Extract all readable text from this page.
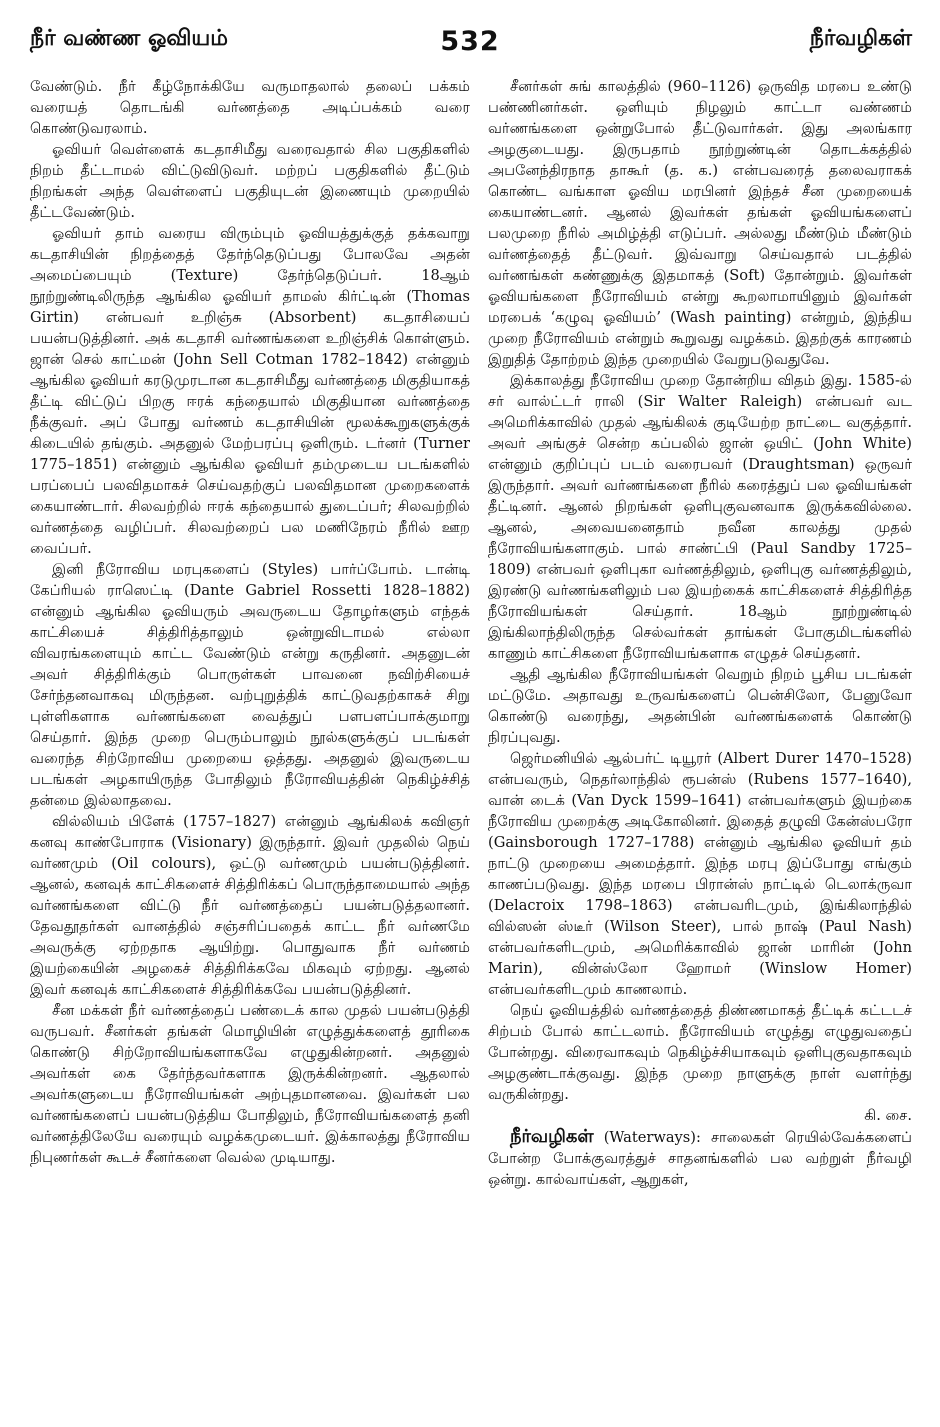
நீர் வண்ண ஓவியம்	532	நீர்வழிகள்

வேண்டும். நீர் கீழ்நோக்கியே வருமாதலால் தலைப் பக்கம் வரையத் தொடங்கி வர்ணத்தை அடிப்பக்கம் வரை கொண்டுவரலாம்.

ஓவியர் வெள்ளைக் கடதாசிமீது வரைவதால் சில பகுதிகளில் நிறம் தீட்டாமல் விட்டுவிடுவர். மற்றப் பகுதிகளில் தீட்டும் நிறங்கள் அந்த வெள்ளைப் பகுதியுடன் இணையும் முறையில் தீட்டவேண்டும்.

ஓவியர் தாம் வரைய விரும்பும் ஓவியத்துக்குத் தக்கவாறு கடதாசியின் நிறத்தைத் தேர்ந்தெடுப்பது போலவே அதன் அமைப்பையும் (Texture) தேர்ந்தெடுப்பர். 18ஆம் நூற்றுண்டிலிருந்த ஆங்கில ஓவியர் தாமஸ் கிர்ட்டின் (Thomas Girtin) என்பவர் உறிஞ்சு (Absorbent) கடதாசியைப் பயன்படுத்தினர். அக் கடதாசி வர்ணங்களை உறிஞ்சிக் கொள்ளும். ஜான் செல் காட்மன் (John Sell Cotman 1782–1842) என்னும் ஆங்கில ஓவியர் கரடுமுரடான கடதாசிமீது வர்ணத்தை மிகுதியாகத் தீட்டி விட்டுப் பிறகு ஈரக் கந்தையால் மிகுதியான வர்ணத்தை நீக்குவர். அப் போது வர்ணம் கடதாசியின் மூலக்கூறுகளுக்குக் கிடையில் தங்கும். அதனுல் மேற்பரப்பு ஒளிரும். டர்னர் (Turner 1775–1851) என்னும் ஆங்கில ஓவியர் தம்முடைய படங்களில் பரப்பைப் பலவிதமாகச் செய்வதற்குப் பலவிதமான முறைகளைக் கையாண்டார். சிலவற்றில் ஈரக் கந்தையால் துடைப்பர்; சிலவற்றில் வர்ணத்தை வழிப்பர். சிலவற்றைப் பல மணிநேரம் நீரில் ஊற வைப்பர்.

இனி நீரோவிய மரபுகளைப் (Styles) பார்ப்போம். டான்டி கேப்ரியல் ராஸெட்டி (Dante Gabriel Rossetti 1828–1882) என்னும் ஆங்கில ஓவியரும் அவருடைய தோழர்களும் எந்தக் காட்சியைச் சித்திரித்தாலும் ஒன்றுவிடாமல் எல்லா விவரங்களையும் காட்ட வேண்டும் என்று கருதினர். அதனுடன் அவர் சித்திரிக்கும் பொருள்கள் பாவனை நவிற்சியைச் சேர்ந்தனவாகவு மிருந்தன. வற்புறுத்திக் காட்டுவதற்காகச் சிறு புள்ளிகளாக வர்ணங்களை வைத்துப் பளபளப்பாக்குமாறு செய்தார். இந்த முறை பெரும்பாலும் நூல்களுக்குப் படங்கள் வரைந்த சிற்றோவிய முறையை ஒத்தது. அதனுல் இவருடைய படங்கள் அழகாயிருந்த போதிலும் நீரோவியத்தின் நெகிழ்ச்சித் தன்மை இல்லாதவை.

வில்லியம் பிளேக் (1757–1827) என்னும் ஆங்கிலக் கவிஞர் கனவு காண்போராக (Visionary) இருந்தார். இவர் முதலில் நெய் வர்ணமும் (Oil colours), ஒட்டு வர்ணமும் பயன்படுத்தினர். ஆனல், கனவுக் காட்சிகளைச் சித்திரிக்கப் பொருந்தாமையால் அந்த வர்ணங்களை விட்டு நீர் வர்ணத்தைப் பயன்படுத்தலானர். தேவதூதர்கள் வானத்தில் சஞ்சரிப்பதைக் காட்ட நீர் வர்ணமே அவருக்கு ஏற்றதாக ஆயிற்று. பொதுவாக நீர் வர்ணம் இயற்கையின் அழகைச் சித்திரிக்கவே மிகவும் ஏற்றது. ஆனல் இவர் கனவுக் காட்சிகளைச் சித்திரிக்கவே பயன்படுத்தினர்.

சீன மக்கள் நீர் வர்ணத்தைப் பண்டைக் கால முதல் பயன்படுத்தி வருபவர். சீனர்கள் தங்கள் மொழியின் எழுத்துக்களைத் தூரிகை கொண்டு சிற்றோவியங்களாகவே எழுதுகின்றனர். அதனுல் அவர்கள் கை தேர்ந்தவர்களாக இருக்கின்றனர். ஆதலால் அவர்களுடைய நீரோவியங்கள் அற்புதமானவை. இவர்கள் பல வர்ணங்களைப் பயன்படுத்திய போதிலும், நீரோவியங்களைத் தனி வர்ணத்திலேயே வரையும் வழக்கமுடையர். இக்காலத்து நீரோவிய நிபுணர்கள் கூடச் சீனர்களை வெல்ல முடியாது.

சீனர்கள் சுங் காலத்தில் (960–1126) ஒருவித மரபை உண்டு பண்ணினர்கள். ஒளியும் நிழலும் காட்டா வண்ணம் வர்ணங்களை ஒன்றுபோல் தீட்டுவார்கள். இது அலங்கார அழகுடையது. இருபதாம் நூற்றுண்டின் தொடக்கத்தில் அபனேந்திரநாத தாகூர் (த. க.) என்பவரைத் தலைவராகக் கொண்ட வங்காள ஓவிய மரபினர் இந்தச் சீன முறையைக் கையாண்டனர். ஆனல் இவர்கள் தங்கள் ஓவியங்களைப் பலமுறை நீரில் அமிழ்த்தி எடுப்பர். அல்லது மீண்டும் மீண்டும் வர்ணத்தைத் தீட்டுவர். இவ்வாறு செய்வதால் படத்தில் வர்ணங்கள் கண்ணுக்கு இதமாகத் (Soft) தோன்றும். இவர்கள் ஓவியங்களை நீரோவியம் என்று கூறலாமாயினும் இவர்கள் மரபைக் ‘கழுவு ஓவியம்’ (Wash painting) என்றும், இந்திய முறை நீரோவியம் என்றும் கூறுவது வழக்கம். இதற்குக் காரணம் இறுதித் தோற்றம் இந்த முறையில் வேறுபடுவதுவே.

இக்காலத்து நீரோவிய முறை தோன்றிய விதம் இது. 1585-ல் சர் வால்ட்டர் ராலி (Sir Walter Raleigh) என்பவர் வட அமெரிக்காவில் முதல் ஆங்கிலக் குடியேற்ற நாட்டை வகுத்தார். அவர் அங்குச் சென்ற கப்பலில் ஜான் ஒயிட் (John White) என்னும் குறிப்புப் படம் வரைபவர் (Draughtsman) ஒருவர் இருந்தார். அவர் வர்ணங்களை நீரில் கரைத்துப் பல ஓவியங்கள் தீட்டினர். ஆனல் நிறங்கள் ஒளிபுகுவனவாக இருக்கவில்லை. ஆனல், அவையனைதாம் நவீன காலத்து முதல் நீரோவியங்களாகும். பால் சாண்ட்பி (Paul Sandby 1725–1809) என்பவர் ஒளிபுகா வர்ணத்திலும், ஒளிபுகு வர்ணத்திலும், இரண்டு வர்ணங்களிலும் பல இயற்கைக் காட்சிகளைச் சித்திரித்த நீரோவியங்கள் செய்தார். 18ஆம் நூற்றுண்டில் இங்கிலாந்திலிருந்த செல்வர்கள் தாங்கள் போகுமிடங்களில் காணும் காட்சிகளை நீரோவியங்களாக எழுதச் செய்தனர்.

ஆதி ஆங்கில நீரோவியங்கள் வெறும் நிறம் பூசிய படங்கள் மட்டுமே. அதாவது உருவங்களைப் பென்சிலோ, பேனுவோ கொண்டு வரைந்து, அதன்பின் வர்ணங்களைக் கொண்டு நிரப்புவது.

ஜெர்மனியில் ஆல்பர்ட் டியூரர் (Albert Durer 1470–1528) என்பவரும், நெதர்லாந்தில் ரூபன்ஸ் (Rubens 1577–1640), வான் டைக் (Van Dyck 1599–1641) என்பவர்களும் இயற்கை நீரோவிய முறைக்கு அடிகோலினர். இதைத் தழுவி கேன்ஸ்பரோ (Gainsborough 1727–1788) என்னும் ஆங்கில ஓவியர் தம் நாட்டு முறையை அமைத்தார். இந்த மரபு இப்போது எங்கும் காணப்படுவது. இந்த மரபை பிரான்ஸ் நாட்டில் டெலாக்ருவா (Delacroix 1798–1863) என்பவரிடமும், இங்கிலாந்தில் வில்ஸன் ஸ்டீர் (Wilson Steer), பால் நாஷ் (Paul Nash) என்பவர்களிடமும், அமெரிக்காவில் ஜான் மாரின் (John Marin), வின்ஸ்லோ ஹோமர் (Winslow Homer) என்பவர்களிடமும் காணலாம்.

நெய் ஓவியத்தில் வர்ணத்தைத் திண்ணமாகத் தீட்டிக் கட்டடச் சிற்பம் போல் காட்டலாம். நீரோவியம் எழுத்து எழுதுவதைப் போன்றது. விரைவாகவும் நெகிழ்ச்சியாகவும் ஒளிபுகுவதாகவும் அழகுண்டாக்குவது. இந்த முறை நாளுக்கு நாள் வளர்ந்து வருகின்றது.

கி. சை.

நீர்வழிகள் (Waterways): சாலைகள் ரெயில்வேக்களைப் போன்ற போக்குவரத்துச் சாதனங்களில் பல வற்றுள் நீர்வழி ஒன்று. கால்வாய்கள், ஆறுகள்,
